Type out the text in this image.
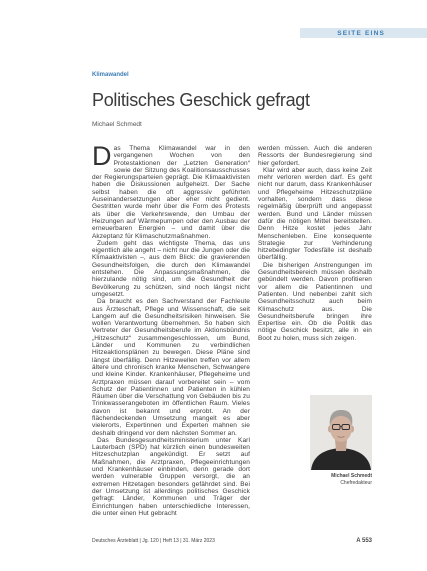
SEITE EINS
Klimawandel
Politisches Geschick gefragt
Michael Schmedt

Das Thema Klimawandel war in den vergangenen Wochen von den Protestaktionen der „Letzten Generation“ sowie der Sitzung des Koalitionsausschusses der Regierungsparteien geprägt. Die Klimaaktivisten haben die Diskussionen aufgeheizt. Der Sache selbst haben die oft aggressiv geführten Auseinandersetzungen aber eher nicht gedient. Gestritten wurde mehr über die Form des Protests als über die Verkehrswende, den Umbau der Heizungen auf Wärmepumpen oder den Ausbau der erneuerbaren Energien – und damit über die Akzeptanz für Klimaschutzmaßnahmen.

Zudem geht das wichtigste Thema, das uns eigentlich alle angeht – nicht nur die Jungen oder die Klimaaktivisten –, aus dem Blick: die gravierenden Gesundheitsfolgen, die durch den Klimawandel entstehen. Die Anpassungsmaßnahmen, die hierzulande nötig sind, um die Gesundheit der Bevölkerung zu schützen, sind noch längst nicht umgesetzt.

Da braucht es den Sachverstand der Fachleute aus Ärzteschaft, Pflege und Wissenschaft, die seit Langem auf die Gesundheitsrisiken hinweisen. Sie wollen Verantwortung übernehmen. So haben sich Vertreter der Gesundheitsberufe im Aktionsbündnis „Hitzeschutz“ zusammengeschlossen, um Bund, Länder und Kommunen zu verbindlichen Hitzeaktionsplänen zu bewegen. Diese Pläne sind längst überfällig. Denn Hitzewellen treffen vor allem ältere und chronisch kranke Menschen, Schwangere und kleine Kinder. Krankenhäuser, Pflegeheime und Arztpraxen müssen darauf vorbereitet sein – vom Schutz der Patientinnen und Patienten in kühlen Räumen über die Verschattung von Gebäuden bis zu Trinkwasserangeboten im öffentlichen Raum. Vieles davon ist bekannt und erprobt. An der flächendeckenden Umsetzung mangelt es aber vielerorts, Expertinnen und Experten mahnen sie deshalb dringend vor dem nächsten Sommer an.

Das Bundesgesundheitsministerium unter Karl Lauterbach (SPD) hat kürzlich einen bundesweiten Hitzeschutzplan angekündigt. Er setzt auf Maßnahmen, die Arztpraxen, Pflegeeinrichtungen und Krankenhäuser einbinden, denn gerade dort werden vulnerable Gruppen versorgt, die an extremen Hitzetagen besonders gefährdet sind. Bei der Umsetzung ist allerdings politisches Geschick gefragt: Länder, Kommunen und Träger der Einrichtungen haben unterschiedliche Interessen, die unter einen Hut gebracht

werden müssen. Auch die anderen Ressorts der Bundesregierung sind hier gefordert.

Klar wird aber auch, dass keine Zeit mehr verloren werden darf. Es geht nicht nur darum, dass Krankenhäuser und Pflegeheime Hitzeschutzpläne vorhalten, sondern dass diese regelmäßig überprüft und angepasst werden. Bund und Länder müssen dafür die nötigen Mittel bereitstellen. Denn Hitze kostet jedes Jahr Menschenleben. Eine konsequente Strategie zur Verhinderung hitzebedingter Todesfälle ist deshalb überfällig.

Die bisherigen Anstrengungen im Gesundheitsbereich müssen deshalb gebündelt werden. Davon profitieren vor allem die Patientinnen und Patienten. Und nebenbei zahlt sich Gesundheitsschutz auch beim Klimaschutz aus. Die Gesundheitsberufe bringen ihre Expertise ein. Ob die Politik das nötige Geschick besitzt, alle in ein Boot zu holen, muss sich zeigen.

Michael Schmedt
Chefredakteur
Deutsches Ärzteblatt | Jg. 120 | Heft 13 | 31. März 2023	A 553
